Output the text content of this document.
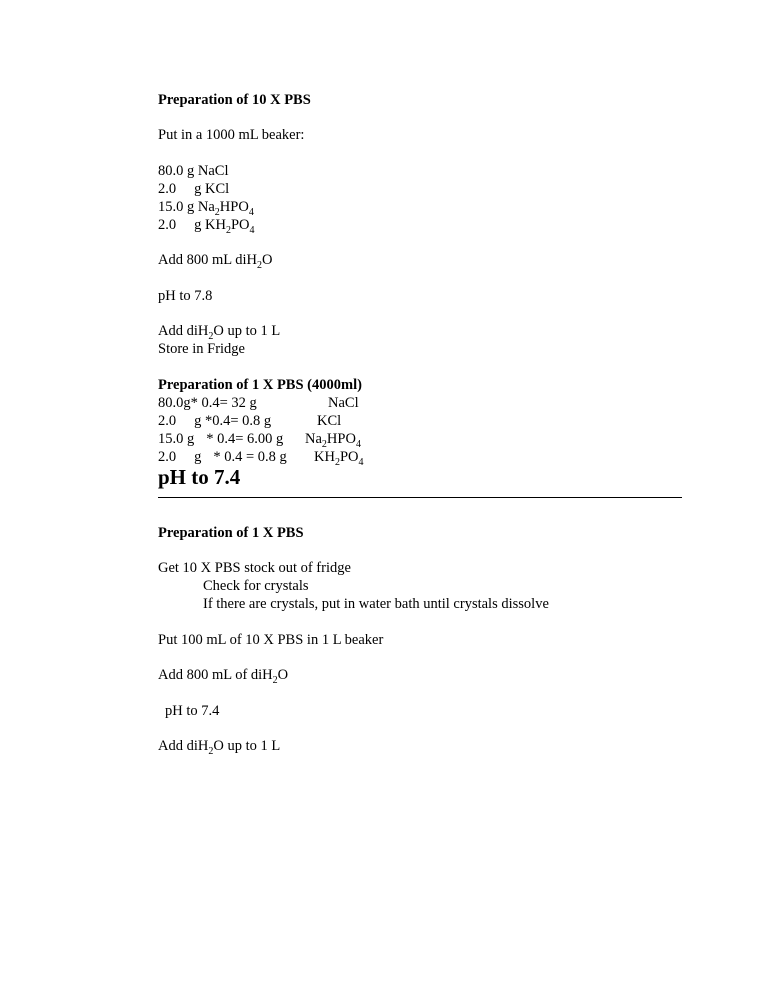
Preparation of 10 X PBS
Put in a 1000 mL beaker:
80.0 g NaCl
2.0 g KCl
15.0 g $Na_2HPO_4$
2.0 g $KH_2PO_4$
Add 800 mL diH$_2$O
pH to 7.8
Add diH$_2$O up to 1 L
Store in Fridge
Preparation of 1 X PBS (4000ml)
80.0g* 0.4= 32 g	NaCl
2.0 g *0.4= 0.8 g	KCl
15.0 g * 0.4= 6.00 g $Na_2HPO_4$
2.0 g * 0.4 = 0.8 g $KH_2PO_4$
pH to 7.4
Preparation of 1 X PBS
Get 10 X PBS stock out of fridge
Check for crystals
If there are crystals, put in water bath until crystals dissolve
Put 100 mL of 10 X PBS in 1 L beaker
Add 800 mL of diH$_2$O
pH to 7.4
Add diH$_2$O up to 1 L
